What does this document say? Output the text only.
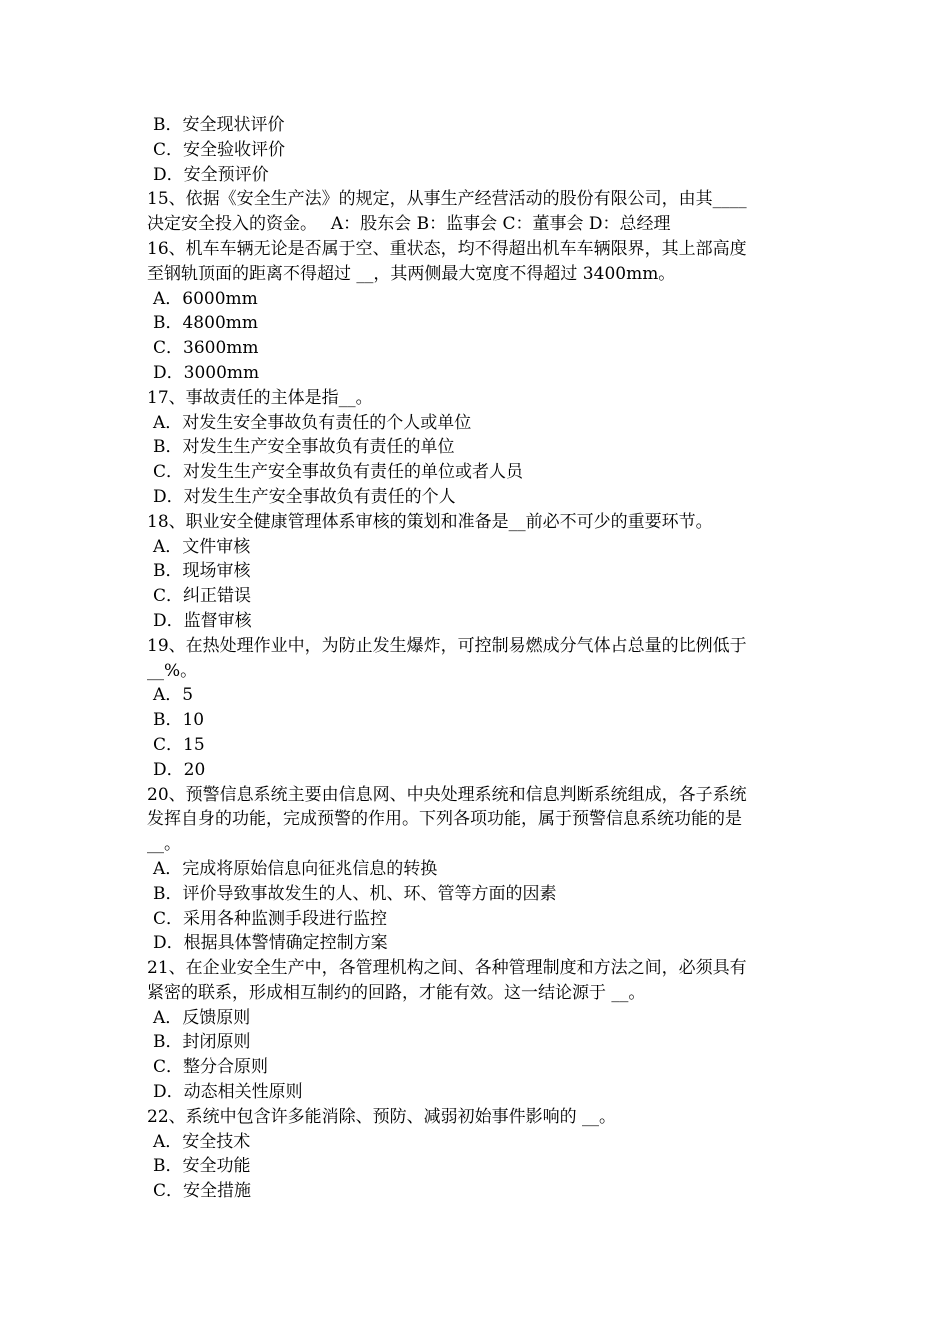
B．安全现状评价
C．安全验收评价
D．安全预评价
15、依据《安全生产法》的规定，从事生产经营活动的股份有限公司，由其____
决定安全投入的资金。　 A：股东会 B：监事会 C：董事会 D：总经理
16、机车车辆无论是否属于空、重状态，均不得超出机车车辆限界，其上部高度
至钢轨顶面的距离不得超过 __，其两侧最大宽度不得超过 3400mm。
A．6000mm
B．4800mm
C．3600mm
D．3000mm
17、事故责任的主体是指__。
A．对发生安全事故负有责任的个人或单位
B．对发生生产安全事故负有责任的单位
C．对发生生产安全事故负有责任的单位或者人员
D．对发生生产安全事故负有责任的个人
18、职业安全健康管理体系审核的策划和准备是__前必不可少的重要环节。
A．文件审核
B．现场审核
C．纠正错误
D．监督审核
19、在热处理作业中，为防止发生爆炸，可控制易燃成分气体占总量的比例低于
__%。
A．5
B．10
C．15
D．20
20、预警信息系统主要由信息网、中央处理系统和信息判断系统组成，各子系统
发挥自身的功能，完成预警的作用。下列各项功能，属于预警信息系统功能的是
__。
A．完成将原始信息向征兆信息的转换
B．评价导致事故发生的人、机、环、管等方面的因素
C．采用各种监测手段进行监控
D．根据具体警情确定控制方案
21、在企业安全生产中，各管理机构之间、各种管理制度和方法之间，必须具有
紧密的联系，形成相互制约的回路，才能有效。这一结论源于 __。
A．反馈原则
B．封闭原则
C．整分合原则
D．动态相关性原则
22、系统中包含许多能消除、预防、减弱初始事件影响的 __。
A．安全技术
B．安全功能
C．安全措施
